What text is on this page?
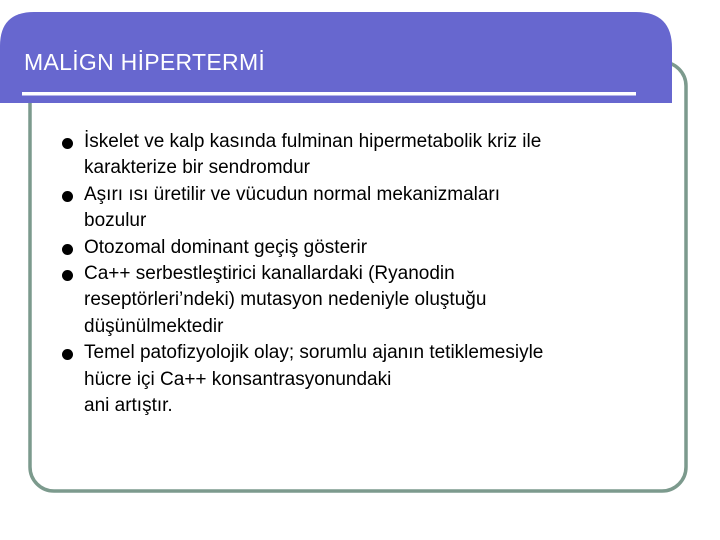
MALİGN HİPERTERMİ
İskelet ve kalp kasında fulminan hipermetabolik kriz ile
karakterize bir sendromdur
Aşırı ısı üretilir ve vücudun normal mekanizmaları
bozulur
Otozomal dominant geçiş gösterir
Ca++ serbestleştirici kanallardaki (Ryanodin
reseptörleri’ndeki) mutasyon nedeniyle oluştuğu
düşünülmektedir
Temel patofizyolojik olay; sorumlu ajanın tetiklemesiyle
hücre içi Ca++ konsantrasyonundaki
ani artıştır.
